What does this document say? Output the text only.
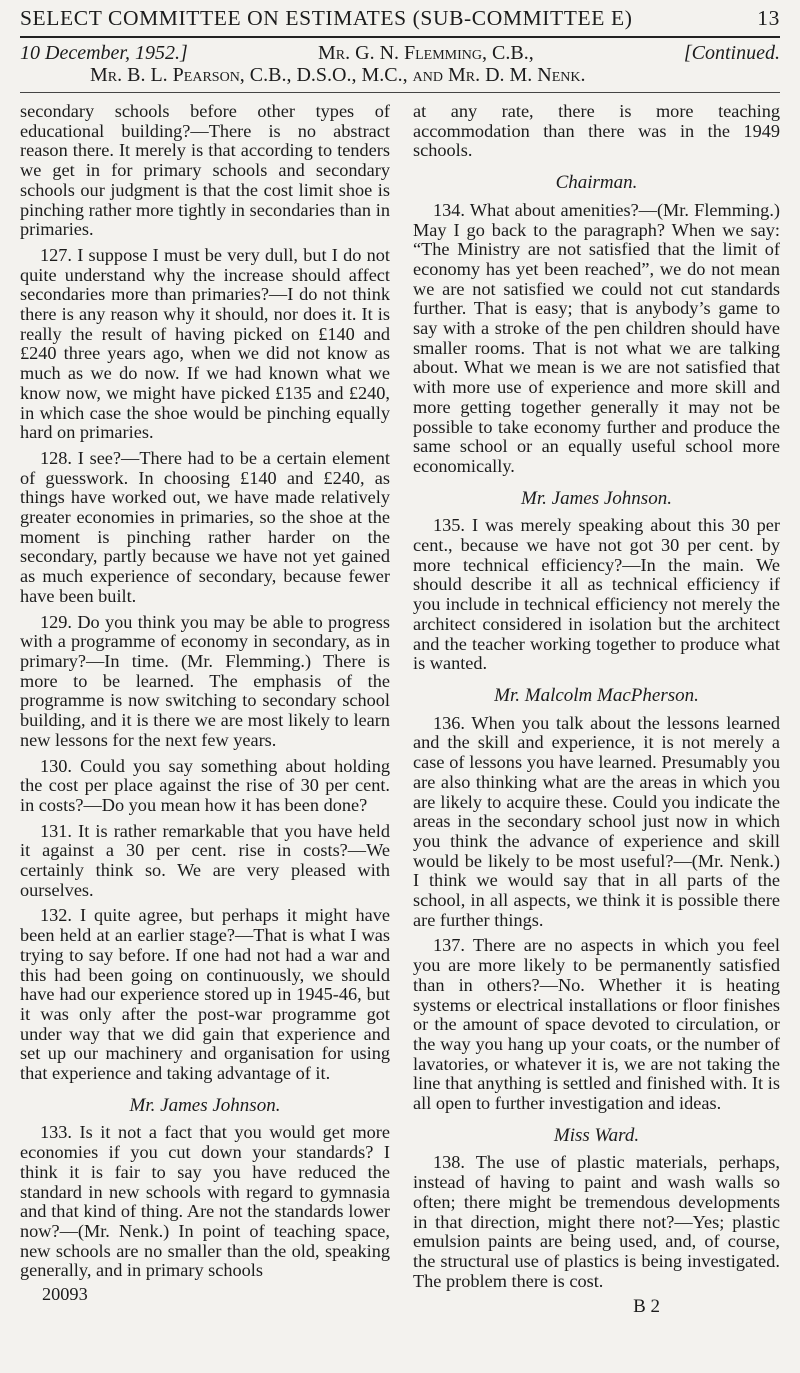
SELECT COMMITTEE ON ESTIMATES (SUB-COMMITTEE E)	13
10 December, 1952.]	Mr. G. N. Flemming, C.B.,	[Continued.
Mr. B. L. Pearson, C.B., D.S.O., M.C., and Mr. D. M. Nenk.

secondary schools before other types of educational building?—There is no abstract reason there. It merely is that according to tenders we get in for primary schools and secondary schools our judgment is that the cost limit shoe is pinching rather more tightly in secondaries than in primaries.

127. I suppose I must be very dull, but I do not quite understand why the increase should affect secondaries more than primaries?—I do not think there is any reason why it should, nor does it. It is really the result of having picked on £140 and £240 three years ago, when we did not know as much as we do now. If we had known what we know now, we might have picked £135 and £240, in which case the shoe would be pinching equally hard on primaries.

128. I see?—There had to be a certain element of guesswork. In choosing £140 and £240, as things have worked out, we have made relatively greater economies in primaries, so the shoe at the moment is pinching rather harder on the secondary, partly because we have not yet gained as much experience of secondary, because fewer have been built.

129. Do you think you may be able to progress with a programme of economy in secondary, as in primary?—In time. (Mr. Flemming.) There is more to be learned. The emphasis of the programme is now switching to secondary school building, and it is there we are most likely to learn new lessons for the next few years.

130. Could you say something about holding the cost per place against the rise of 30 per cent. in costs?—Do you mean how it has been done?

131. It is rather remarkable that you have held it against a 30 per cent. rise in costs?—We certainly think so. We are very pleased with ourselves.

132. I quite agree, but perhaps it might have been held at an earlier stage?—That is what I was trying to say before. If one had not had a war and this had been going on continuously, we should have had our experience stored up in 1945-46, but it was only after the post-war programme got under way that we did gain that experience and set up our machinery and organisation for using that experience and taking advantage of it.

Mr. James Johnson.

133. Is it not a fact that you would get more economies if you cut down your standards? I think it is fair to say you have reduced the standard in new schools with regard to gymnasia and that kind of thing. Are not the standards lower now?—(Mr. Nenk.) In point of teaching space, new schools are no smaller than the old, speaking generally, and in primary schools

20093

at any rate, there is more teaching accommodation than there was in the 1949 schools.

Chairman.

134. What about amenities?—(Mr. Flemming.) May I go back to the paragraph? When we say: “The Ministry are not satisfied that the limit of economy has yet been reached”, we do not mean we are not satisfied we could not cut standards further. That is easy; that is anybody’s game to say with a stroke of the pen children should have smaller rooms. That is not what we are talking about. What we mean is we are not satisfied that with more use of experience and more skill and more getting together generally it may not be possible to take economy further and produce the same school or an equally useful school more economically.

Mr. James Johnson.

135. I was merely speaking about this 30 per cent., because we have not got 30 per cent. by more technical efficiency?—In the main. We should describe it all as technical efficiency if you include in technical efficiency not merely the architect considered in isolation but the architect and the teacher working together to produce what is wanted.

Mr. Malcolm MacPherson.

136. When you talk about the lessons learned and the skill and experience, it is not merely a case of lessons you have learned. Presumably you are also thinking what are the areas in which you are likely to acquire these. Could you indicate the areas in the secondary school just now in which you think the advance of experience and skill would be likely to be most useful?—(Mr. Nenk.) I think we would say that in all parts of the school, in all aspects, we think it is possible there are further things.

137. There are no aspects in which you feel you are more likely to be permanently satisfied than in others?—No. Whether it is heating systems or electrical installations or floor finishes or the amount of space devoted to circulation, or the way you hang up your coats, or the number of lavatories, or whatever it is, we are not taking the line that anything is settled and finished with. It is all open to further investigation and ideas.

Miss Ward.

138. The use of plastic materials, perhaps, instead of having to paint and wash walls so often; there might be tremendous developments in that direction, might there not?—Yes; plastic emulsion paints are being used, and, of course, the structural use of plastics is being investigated. The problem there is cost.

B 2
